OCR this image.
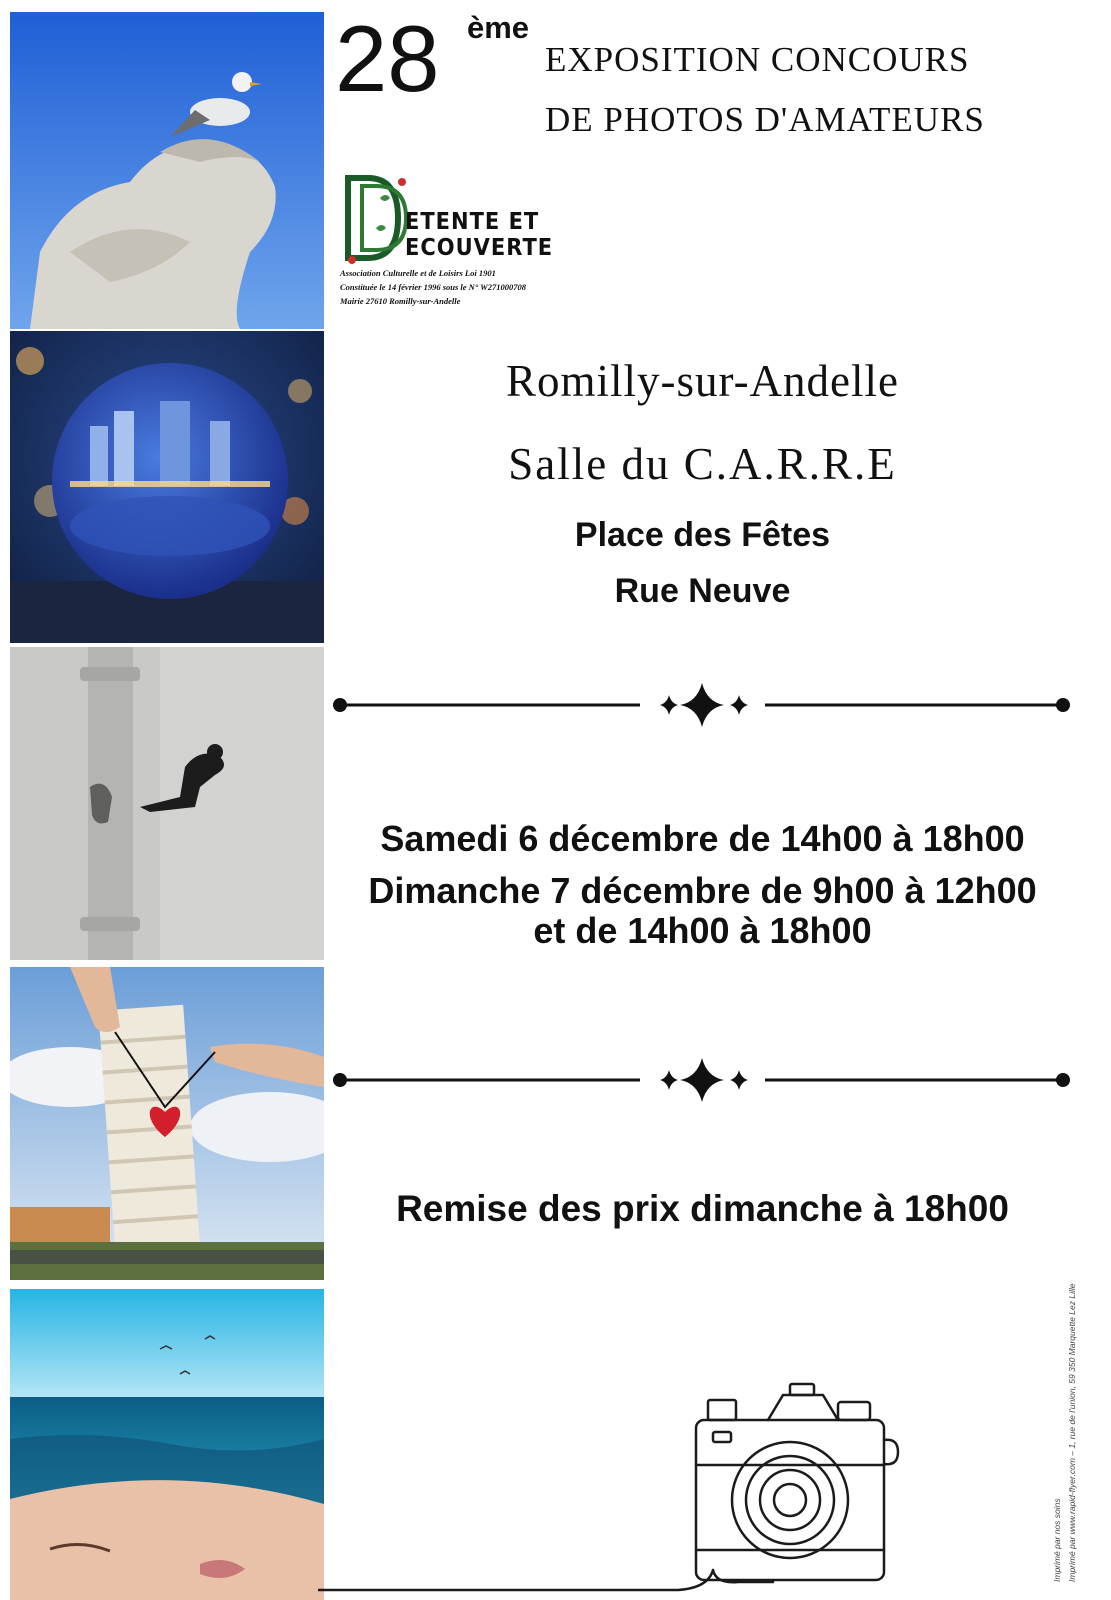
28 ème
EXPOSITION CONCOURS
DE PHOTOS D'AMATEURS
ETENTE ET
ECOUVERTE
Association Culturelle et de Loisirs Loi 1901
Constituée le 14 février 1996 sous le N° W271000708
Mairie 27610 Romilly-sur-Andelle
Romilly-sur-Andelle
Salle du C.A.R.R.E
Place des Fêtes
Rue Neuve
Samedi 6 décembre de 14h00 à 18h00
Dimanche 7 décembre de 9h00 à 12h00
et de 14h00 à 18h00
Remise des prix dimanche à 18h00
Imprimé par nos soins Imprimé par www.rapid-flyer.com – 1, rue de l'union, 59 350 Marquette Lez Lille
